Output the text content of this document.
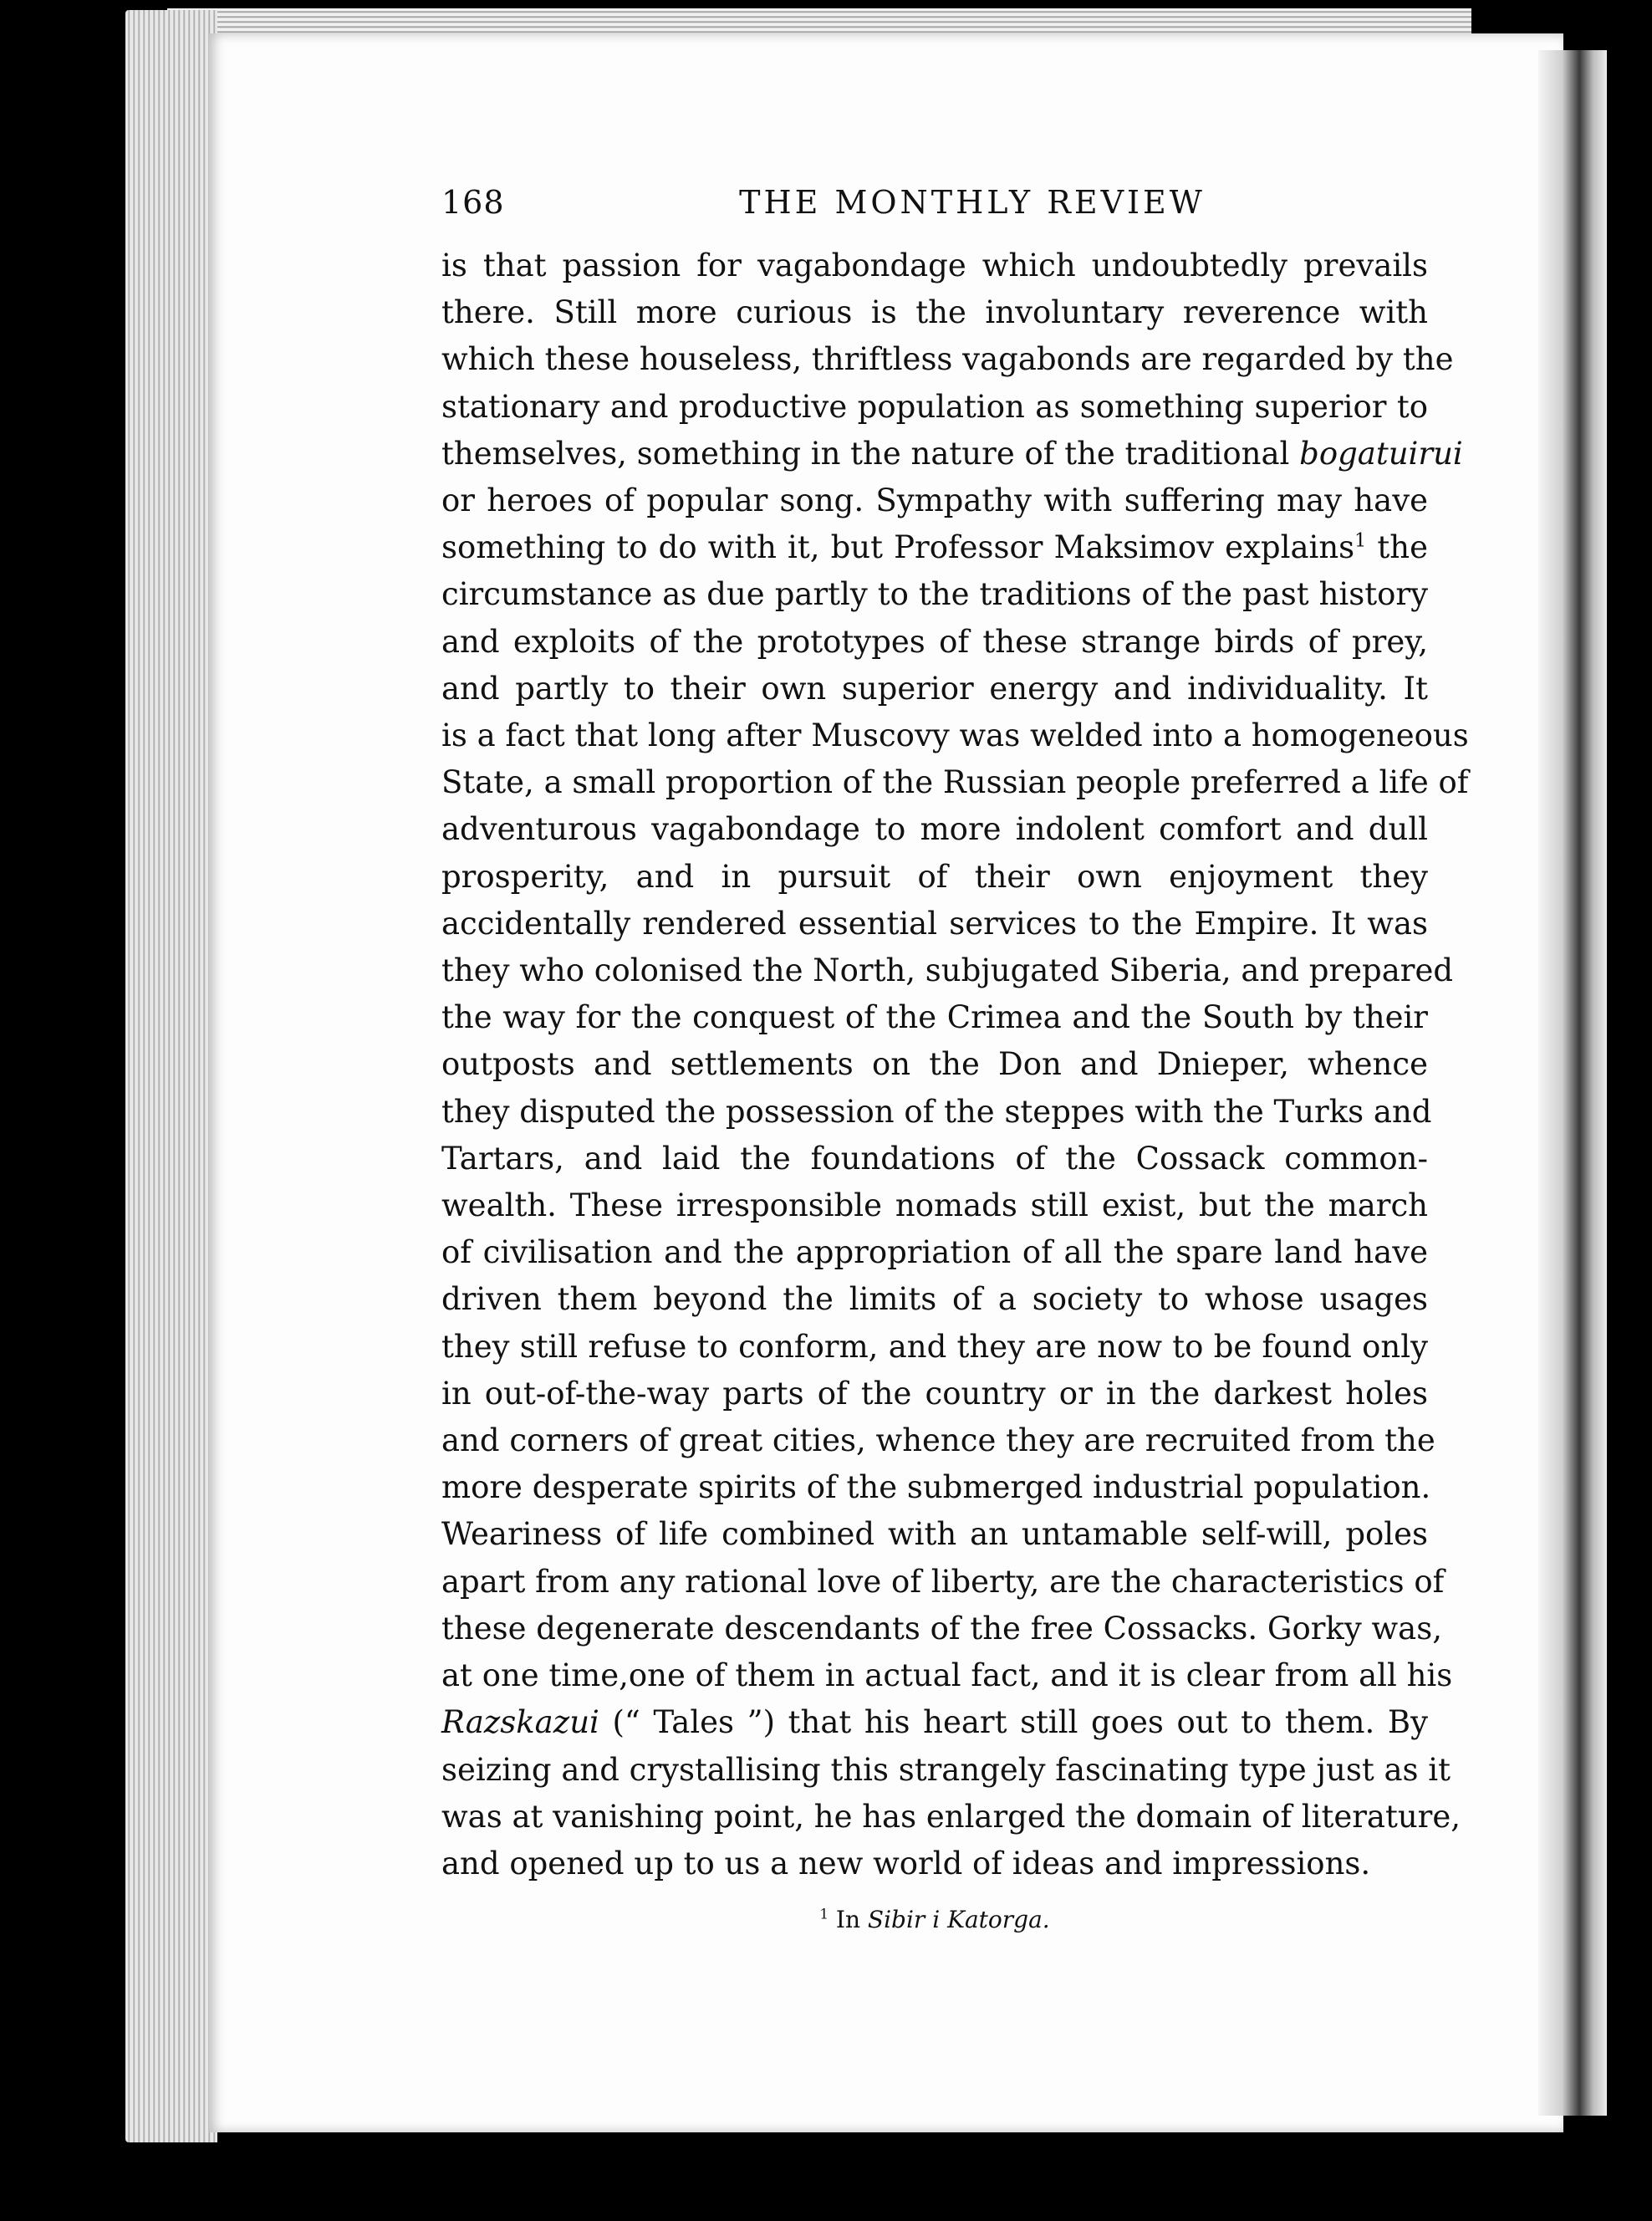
168	THE MONTHLY REVIEW
is that passion for vagabondage which undoubtedly prevails
there. Still more curious is the involuntary reverence with
which these houseless, thriftless vagabonds are regarded by the
stationary and productive population as something superior to
themselves, something in the nature of the traditional bogatuirui
or heroes of popular song. Sympathy with suffering may have
something to do with it, but Professor Maksimov explains$^1$ the
circumstance as due partly to the traditions of the past history
and exploits of the prototypes of these strange birds of prey,
and partly to their own superior energy and individuality. It
is a fact that long after Muscovy was welded into a homogeneous
State, a small proportion of the Russian people preferred a life of
adventurous vagabondage to more indolent comfort and dull
prosperity, and in pursuit of their own enjoyment they
accidentally rendered essential services to the Empire. It was
they who colonised the North, subjugated Siberia, and prepared
the way for the conquest of the Crimea and the South by their
outposts and settlements on the Don and Dnieper, whence
they disputed the possession of the steppes with the Turks and
Tartars, and laid the foundations of the Cossack common-
wealth. These irresponsible nomads still exist, but the march
of civilisation and the appropriation of all the spare land have
driven them beyond the limits of a society to whose usages
they still refuse to conform, and they are now to be found only
in out-of-the-way parts of the country or in the darkest holes
and corners of great cities, whence they are recruited from the
more desperate spirits of the submerged industrial population.
Weariness of life combined with an untamable self-will, poles
apart from any rational love of liberty, are the characteristics of
these degenerate descendants of the free Cossacks. Gorky was,
at one time,one of them in actual fact, and it is clear from all his
Razskazui (“ Tales ”) that his heart still goes out to them. By
seizing and crystallising this strangely fascinating type just as it
was at vanishing point, he has enlarged the domain of literature,
and opened up to us a new world of ideas and impressions.
$^1$ In Sibir i Katorga.
